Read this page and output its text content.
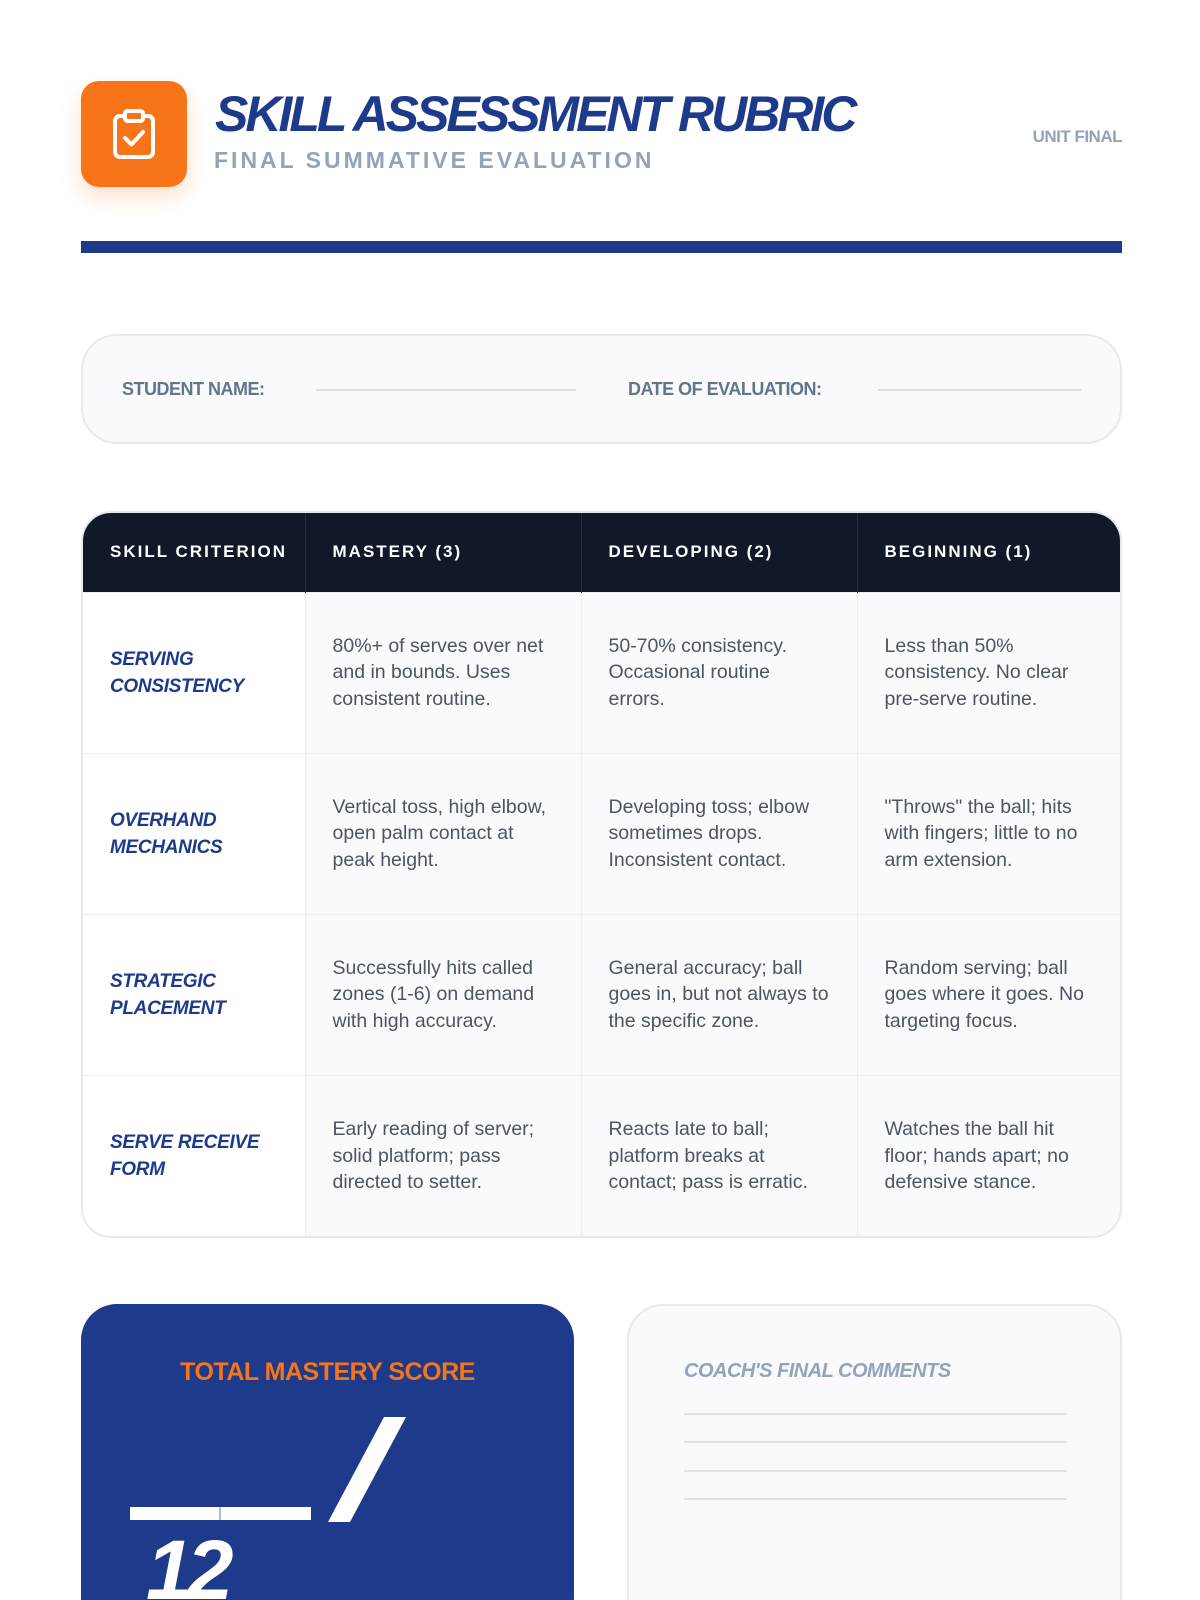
SKILL ASSESSMENT RUBRIC
FINAL SUMMATIVE EVALUATION
UNIT FINAL
STUDENT NAME:	DATE OF EVALUATION:
SKILL CRITERION	MASTERY (3)	DEVELOPING (2)	BEGINNING (1)
SERVING CONSISTENCY	80%+ of serves over net and in bounds. Uses consistent routine.	50-70% consistency. Occasional routine errors.	Less than 50% consistency. No clear pre-serve routine.
OVERHAND MECHANICS	Vertical toss, high elbow, open palm contact at peak height.	Developing toss; elbow sometimes drops. Inconsistent contact.	"Throws" the ball; hits with fingers; little to no arm extension.
STRATEGIC PLACEMENT	Successfully hits called zones (1-6) on demand with high accuracy.	General accuracy; ball goes in, but not always to the specific zone.	Random serving; ball goes where it goes. No targeting focus.
SERVE RECEIVE FORM	Early reading of server; solid platform; pass directed to setter.	Reacts late to ball; platform breaks at contact; pass is erratic.	Watches the ball hit floor; hands apart; no defensive stance.
TOTAL MASTERY SCORE
12
COACH'S FINAL COMMENTS
